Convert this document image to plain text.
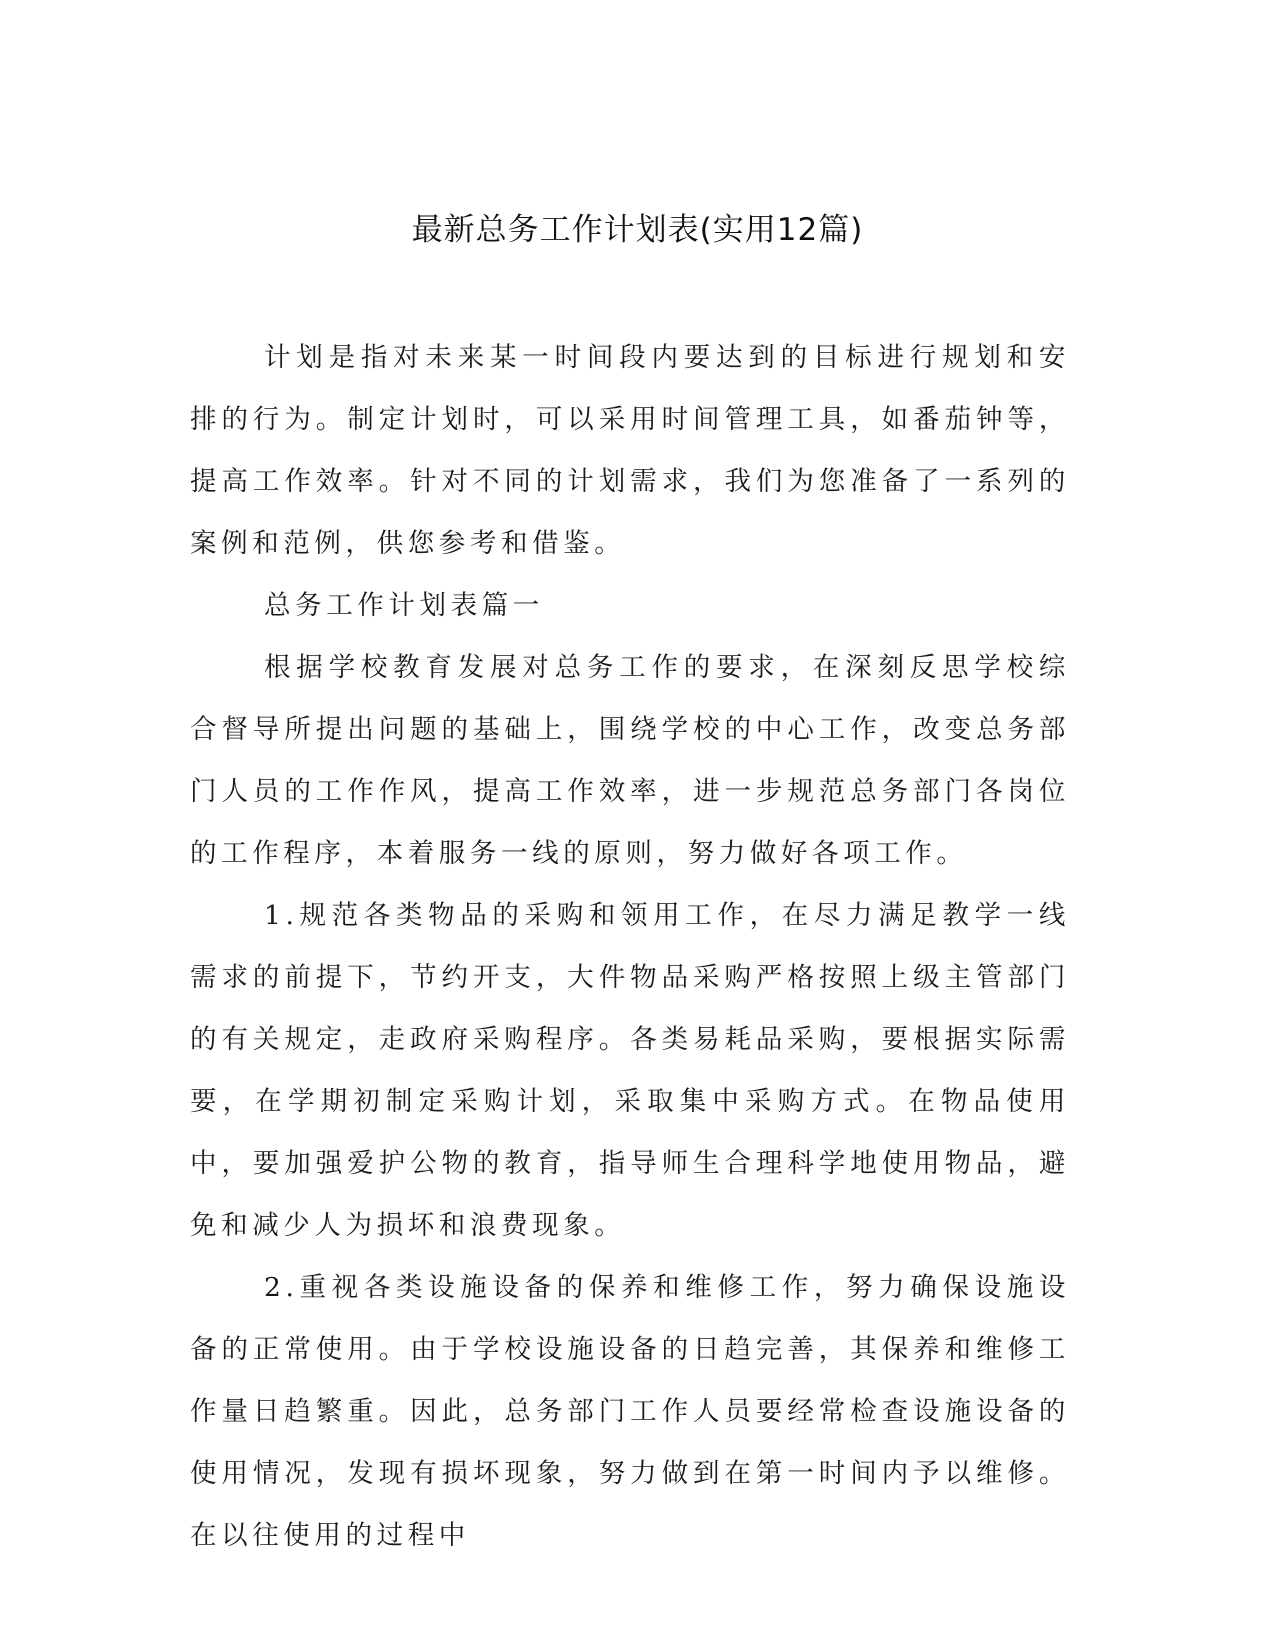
最新总务工作计划表(实用12篇)

计划是指对未来某一时间段内要达到的目标进行规划和安排的行为。制定计划时，可以采用时间管理工具，如番茄钟等，提高工作效率。针对不同的计划需求，我们为您准备了一系列的案例和范例，供您参考和借鉴。

总务工作计划表篇一

根据学校教育发展对总务工作的要求，在深刻反思学校综合督导所提出问题的基础上，围绕学校的中心工作，改变总务部门人员的工作作风，提高工作效率，进一步规范总务部门各岗位的工作程序，本着服务一线的原则，努力做好各项工作。

1.规范各类物品的采购和领用工作，在尽力满足教学一线需求的前提下，节约开支，大件物品采购严格按照上级主管部门的有关规定，走政府采购程序。各类易耗品采购，要根据实际需要，在学期初制定采购计划，采取集中采购方式。在物品使用中，要加强爱护公物的教育，指导师生合理科学地使用物品，避免和减少人为损坏和浪费现象。

2.重视各类设施设备的保养和维修工作，努力确保设施设备的正常使用。由于学校设施设备的日趋完善，其保养和维修工作量日趋繁重。因此，总务部门工作人员要经常检查设施设备的使用情况，发现有损坏现象，努力做到在第一时间内予以维修。在以往使用的过程中
